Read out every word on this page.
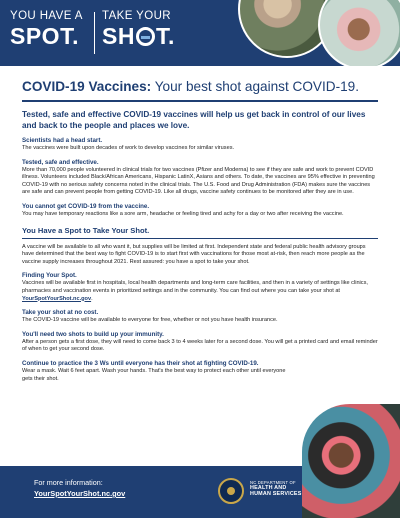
YOU HAVE A
SPOT.
TAKE YOUR
SH T.
COVID-19 Vaccines: Your best shot against COVID-19.
Tested, safe and effective COVID-19 vaccines will help us get back in control of our lives and back to the people and places we love.
Scientists had a head start.
The vaccines were built upon decades of work to develop vaccines for similar viruses.
Tested, safe and effective.
More than 70,000 people volunteered in clinical trials for two vaccines (Pfizer and Moderna) to see if they are safe and work to prevent COVID illness. Volunteers included Black/African Americans, Hispanic LatinX, Asians and others. To date, the vaccines are 95% effective in preventing COVID-19 with no serious safety concerns noted in the clinical trials. The U.S. Food and Drug Administration (FDA) makes sure the vaccines are safe and can prevent people from getting COVID-19. Like all drugs, vaccine safety continues to be monitored after they are in use.
You cannot get COVID-19 from the vaccine.
You may have temporary reactions like a sore arm, headache or feeling tired and achy for a day or two after receiving the vaccine.
You Have a Spot to Take Your Shot.
A vaccine will be available to all who want it, but supplies will be limited at first. Independent state and federal public health advisory groups have determined that the best way to fight COVID-19 is to start first with vaccinations for those most at-risk, then reach more people as the vaccine supply increases throughout 2021. Rest assured: you have a spot to take your shot.
Finding Your Spot.
Vaccines will be available first in hospitals, local health departments and long-term care facilities, and then in a variety of settings like clinics, pharmacies and vaccination events in prioritized settings and in the community. You can find out where you can take your shot at YourSpotYourShot.nc.gov.
Take your shot at no cost.
The COVID-19 vaccine will be available to everyone for free, whether or not you have health insurance.
You'll need two shots to build up your immunity.
After a person gets a first dose, they will need to come back 3 to 4 weeks later for a second dose. You will get a printed card and email reminder of when to get your second dose.
Continue to practice the 3 Ws until everyone has their shot at fighting COVID-19.
Wear a mask. Wait 6 feet apart. Wash your hands. That's the best way to protect each other until everyone gets their shot.
For more information:
YourSpotYourShot.nc.gov
NC DEPARTMENT OF
HEALTH AND
HUMAN SERVICES
